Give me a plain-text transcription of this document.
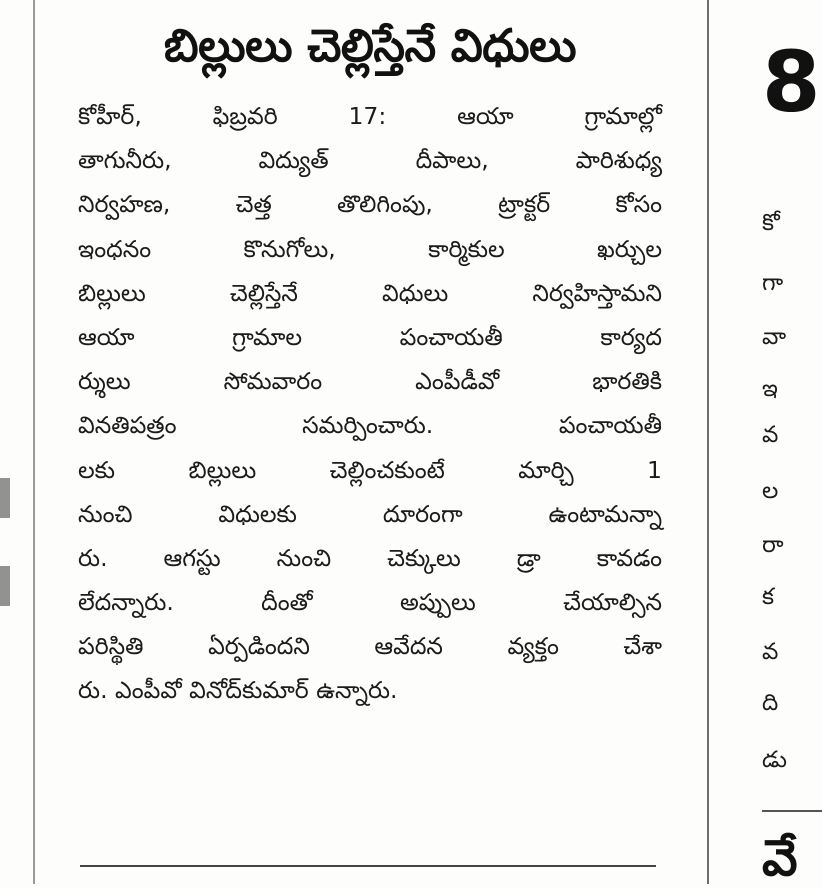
బిల్లులు చెల్లిస్తేనే విధులు
కోహీర్, ఫిబ్రవరి 17: ఆయా గ్రామాల్లో
తాగునీరు, విద్యుత్ దీపాలు, పారిశుధ్య
నిర్వహణ, చెత్త తొలిగింపు, ట్రాక్టర్ కోసం
ఇంధనం కొనుగోలు, కార్మికుల ఖర్చుల
బిల్లులు చెల్లిస్తేనే విధులు నిర్వహిస్తామని
ఆయా గ్రామాల పంచాయతీ కార్యద
ర్శులు సోమవారం ఎంపీడీవో భారతికి
వినతిపత్రం సమర్పించారు. పంచాయతీ
లకు బిల్లులు చెల్లించకుంటే మార్చి 1
నుంచి విధులకు దూరంగా ఉంటామన్నా
రు. ఆగస్టు నుంచి చెక్కులు డ్రా కావడం
లేదన్నారు. దీంతో అప్పులు చేయాల్సిన
పరిస్థితి ఏర్పడిందని ఆవేదన వ్యక్తం చేశా
రు. ఎంపీవో వినోద్‌కుమార్ ఉన్నారు.
8
కో
గా
వా
ఇ
వ
ల
రా
క
వ
ది
డు
వే
